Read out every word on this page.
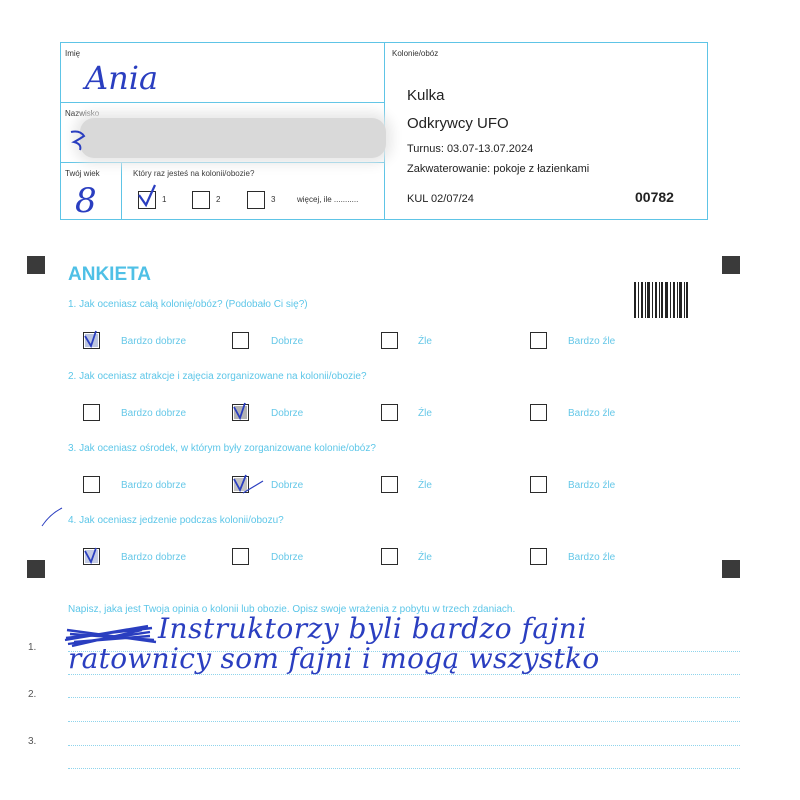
Imię
Ania
Nazwisko
Twój wiek
8
Który raz jesteś na kolonii/obozie?
1	2	3	więcej, ile ...........
Kolonie/obóz
Kulka
Odkrywcy UFO
Turnus: 03.07-13.07.2024
Zakwaterowanie: pokoje z łazienkami
KUL 02/07/24	00782
ANKIETA
1. Jak oceniasz całą kolonię/obóz? (Podobało Ci się?)
Bardzo dobrze	Dobrze	Źle	Bardzo źle
2. Jak oceniasz atrakcje i zajęcia zorganizowane na kolonii/obozie?
Bardzo dobrze	Dobrze	Źle	Bardzo źle
3. Jak oceniasz ośrodek, w którym były zorganizowane kolonie/obóz?
Bardzo dobrze	Dobrze	Źle	Bardzo źle
4. Jak oceniasz jedzenie podczas kolonii/obozu?
Bardzo dobrze	Dobrze	Źle	Bardzo źle
Napisz, jaka jest Twoja opinia o kolonii lub obozie. Opisz swoje wrażenia z pobytu w trzech zdaniach.
1.
2.
3.
Instruktorzy byli bardzo fajni
ratownicy som fajni i mogą wszystko
